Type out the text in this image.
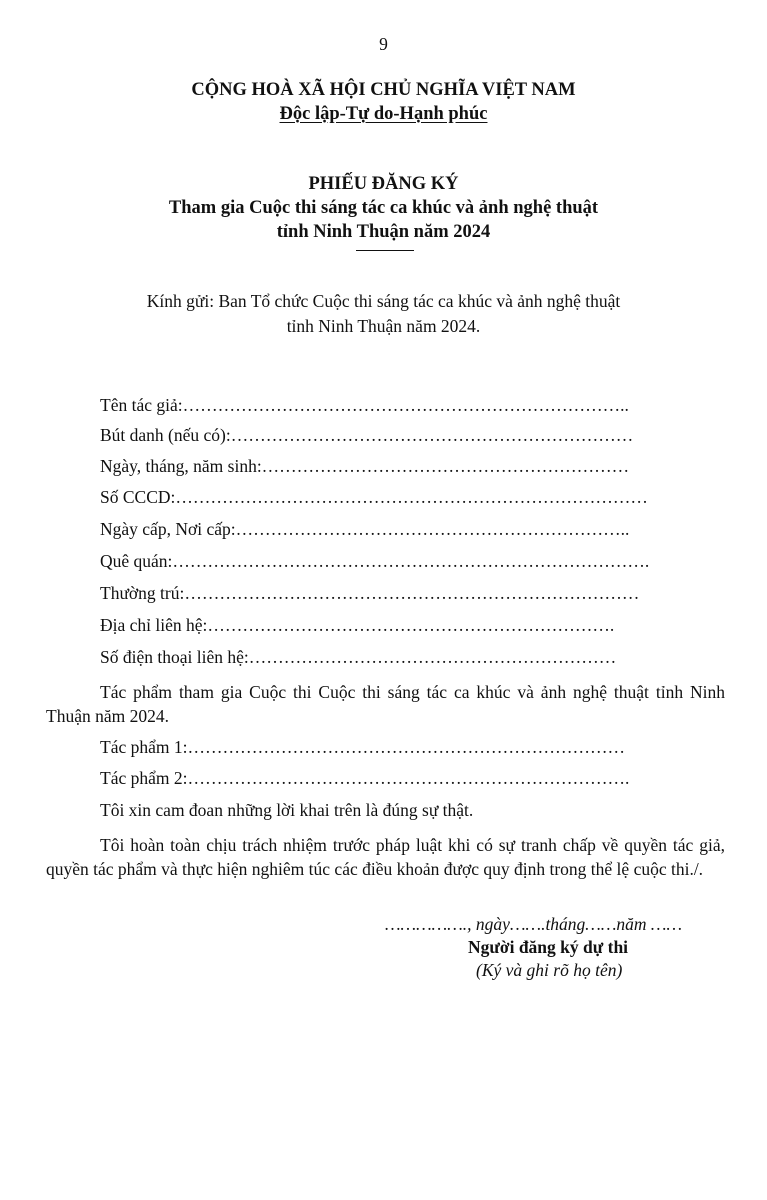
9
CỘNG HOÀ XÃ HỘI CHỦ NGHĨA VIỆT NAM
Độc lập-Tự do-Hạnh phúc
PHIẾU ĐĂNG KÝ
Tham gia Cuộc thi sáng tác ca khúc và ảnh nghệ thuật
tỉnh Ninh Thuận năm 2024
Kính gửi: Ban Tổ chức Cuộc thi sáng tác ca khúc và ảnh nghệ thuật
tỉnh Ninh Thuận năm 2024.
Tên tác giả:…………………………………………………………………..
Bút danh (nếu có):……………………………………………………………
Ngày, tháng, năm sinh:………………………………………………………
Số CCCD:………………………………………………………………………
Ngày cấp, Nơi cấp:…………………………………………………………..
Quê quán:……………………………………………………………………….
Thường trú:……………………………………………………………………
Địa chỉ liên hệ:…………………………………………………………….
Số điện thoại liên hệ:………………………………………………………
Tác phẩm tham gia Cuộc thi Cuộc thi sáng tác ca khúc và ảnh nghệ thuật tỉnh Ninh Thuận năm 2024.
Tác phẩm 1:…………………………………………………………………
Tác phẩm 2:………………………………………………………………….
Tôi xin cam đoan những lời khai trên là đúng sự thật.
Tôi hoàn toàn chịu trách nhiệm trước pháp luật khi có sự tranh chấp về quyền tác giả, quyền tác phẩm và thực hiện nghiêm túc các điều khoản được quy định trong thể lệ cuộc thi./.
……………., ngày…….tháng……năm ……
Người đăng ký dự thi
(Ký và ghi rõ họ tên)
